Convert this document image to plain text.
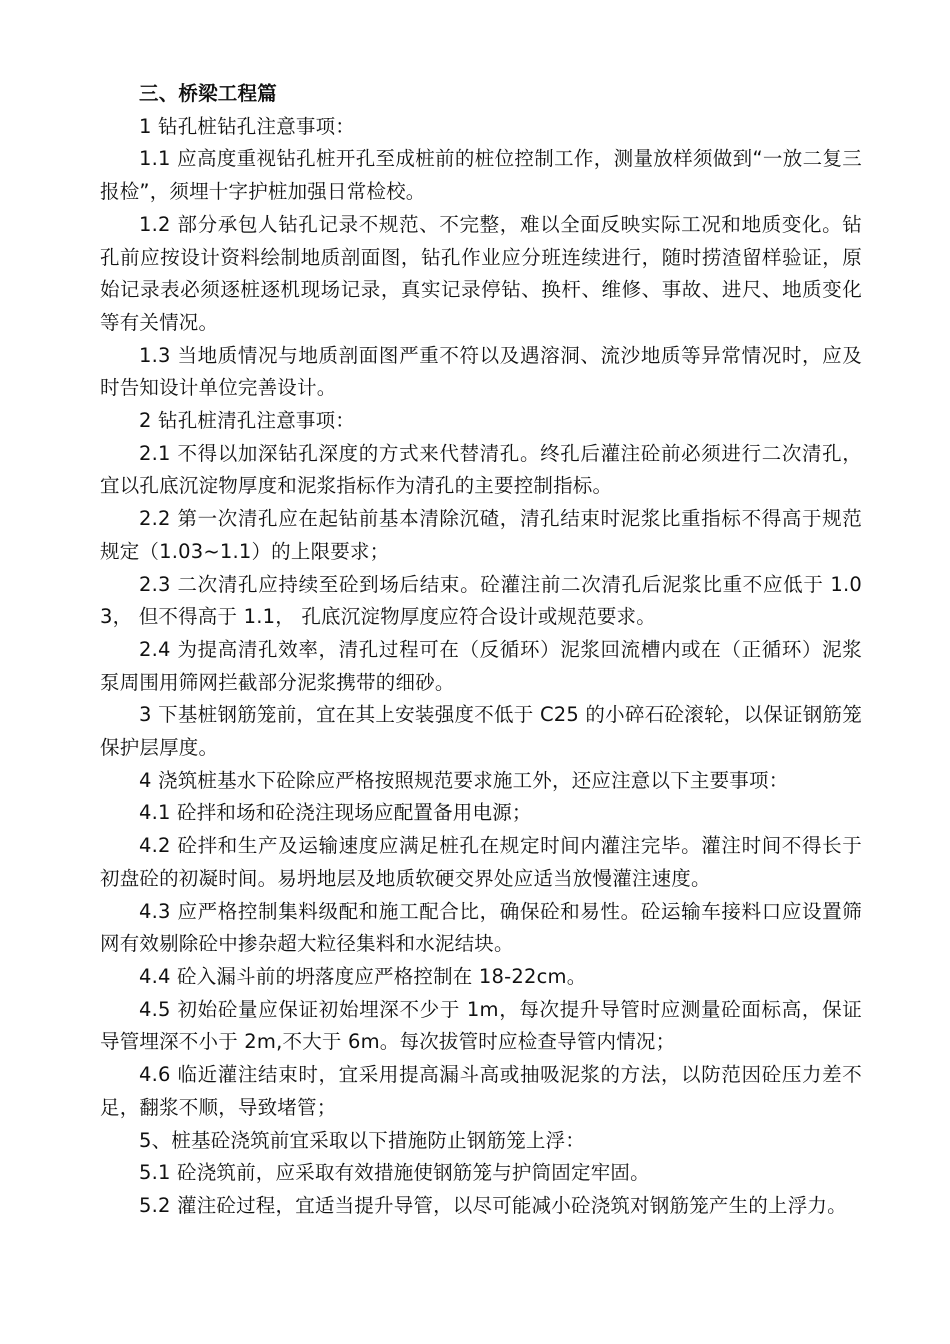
三、桥梁工程篇

1 钻孔桩钻孔注意事项：

1.1 应高度重视钻孔桩开孔至成桩前的桩位控制工作，测量放样须做到“一放二复三报检”，须埋十字护桩加强日常检校。

1.2 部分承包人钻孔记录不规范、不完整，难以全面反映实际工况和地质变化。钻孔前应按设计资料绘制地质剖面图，钻孔作业应分班连续进行，随时捞渣留样验证，原始记录表必须逐桩逐机现场记录，真实记录停钻、换杆、维修、事故、进尺、地质变化等有关情况。

1.3 当地质情况与地质剖面图严重不符以及遇溶洞、流沙地质等异常情况时，应及时告知设计单位完善设计。

2 钻孔桩清孔注意事项：

2.1 不得以加深钻孔深度的方式来代替清孔。终孔后灌注砼前必须进行二次清孔，宜以孔底沉淀物厚度和泥浆指标作为清孔的主要控制指标。

2.2 第一次清孔应在起钻前基本清除沉碴，清孔结束时泥浆比重指标不得高于规范规定（1.03~1.1）的上限要求；

2.3 二次清孔应持续至砼到场后结束。砼灌注前二次清孔后泥浆比重不应低于 1.03， 但不得高于 1.1， 孔底沉淀物厚度应符合设计或规范要求。

2.4 为提高清孔效率，清孔过程可在（反循环）泥浆回流槽内或在（正循环）泥浆泵周围用筛网拦截部分泥浆携带的细砂。

3 下基桩钢筋笼前，宜在其上安装强度不低于 C25 的小碎石砼滚轮，以保证钢筋笼保护层厚度。

4 浇筑桩基水下砼除应严格按照规范要求施工外，还应注意以下主要事项：

4.1 砼拌和场和砼浇注现场应配置备用电源；

4.2 砼拌和生产及运输速度应满足桩孔在规定时间内灌注完毕。灌注时间不得长于初盘砼的初凝时间。易坍地层及地质软硬交界处应适当放慢灌注速度。

4.3 应严格控制集料级配和施工配合比，确保砼和易性。砼运输车接料口应设置筛网有效剔除砼中掺杂超大粒径集料和水泥结块。

4.4 砼入漏斗前的坍落度应严格控制在 18-22cm。

4.5 初始砼量应保证初始埋深不少于 1m，每次提升导管时应测量砼面标高，保证导管埋深不小于 2m,不大于 6m。每次拔管时应检查导管内情况；

4.6 临近灌注结束时，宜采用提高漏斗高或抽吸泥浆的方法，以防范因砼压力差不足，翻浆不顺，导致堵管；

5、桩基砼浇筑前宜采取以下措施防止钢筋笼上浮：

5.1 砼浇筑前，应采取有效措施使钢筋笼与护筒固定牢固。

5.2 灌注砼过程，宜适当提升导管，以尽可能减小砼浇筑对钢筋笼产生的上浮力。
